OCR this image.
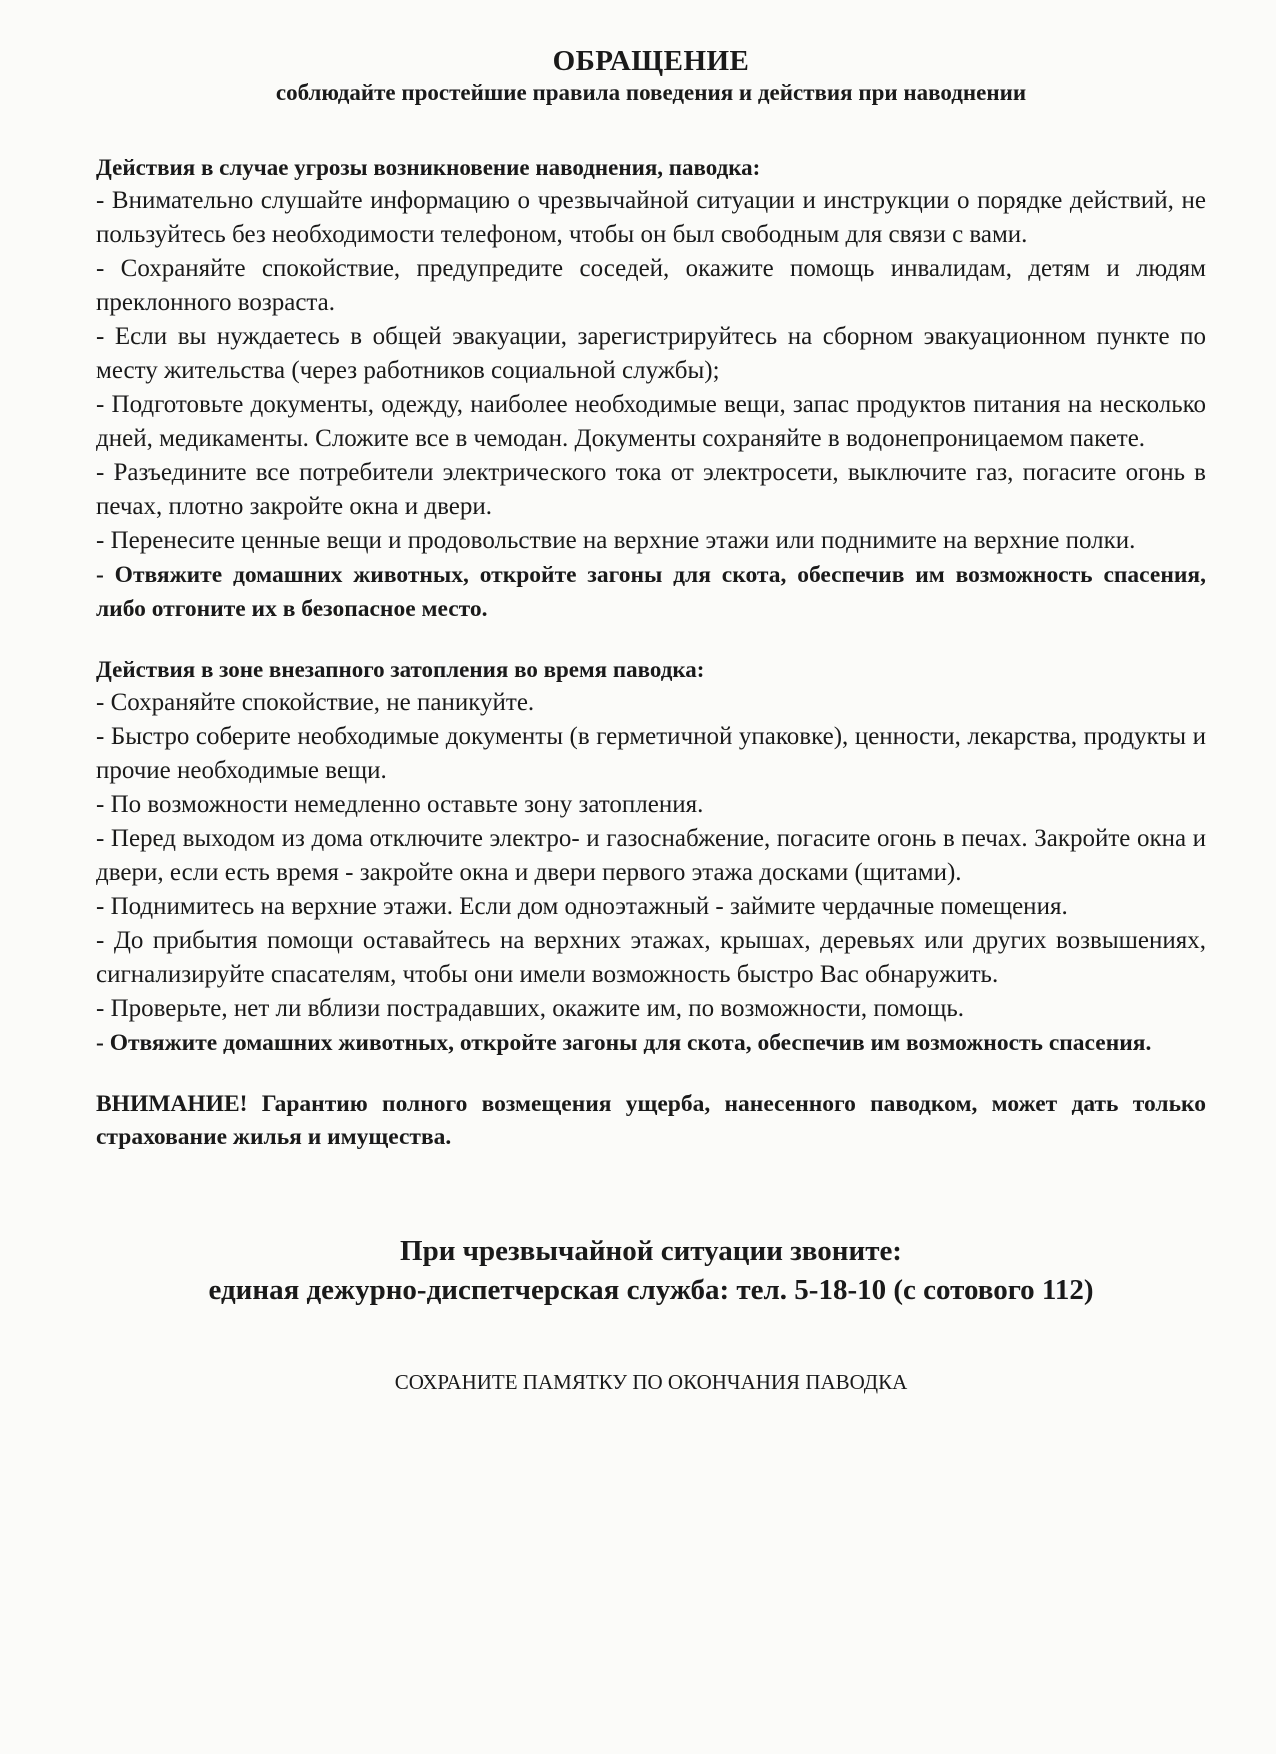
ОБРАЩЕНИЕ
соблюдайте простейшие правила поведения и действия при наводнении

Действия в случае угрозы возникновение наводнения, паводка:

- Внимательно слушайте информацию о чрезвычайной ситуации и инструкции о порядке действий, не пользуйтесь без необходимости телефоном, чтобы он был свободным для связи с вами.

- Сохраняйте спокойствие, предупредите соседей, окажите помощь инвалидам, детям и людям преклонного возраста.

- Если вы нуждаетесь в общей эвакуации, зарегистрируйтесь на сборном эвакуационном пункте по месту жительства (через работников социальной службы);

- Подготовьте документы, одежду, наиболее необходимые вещи, запас продуктов питания на несколько дней, медикаменты. Сложите все в чемодан. Документы сохраняйте в водонепроницаемом пакете.

- Разъедините все потребители электрического тока от электросети, выключите газ, погасите огонь в печах, плотно закройте окна и двери.

- Перенесите ценные вещи и продовольствие на верхние этажи или поднимите на верхние полки.

- Отвяжите домашних животных, откройте загоны для скота, обеспечив им возможность спасения, либо отгоните их в безопасное место.

Действия в зоне внезапного затопления во время паводка:

- Сохраняйте спокойствие, не паникуйте.

- Быстро соберите необходимые документы (в герметичной упаковке), ценности, лекарства, продукты и прочие необходимые вещи.

- По возможности немедленно оставьте зону затопления.

- Перед выходом из дома отключите электро- и газоснабжение, погасите огонь в печах. Закройте окна и двери, если есть время - закройте окна и двери первого этажа досками (щитами).

- Поднимитесь на верхние этажи. Если дом одноэтажный - займите чердачные помещения.

- До прибытия помощи оставайтесь на верхних этажах, крышах, деревьях или других возвышениях, сигнализируйте спасателям, чтобы они имели возможность быстро Вас обнаружить.

- Проверьте, нет ли вблизи пострадавших, окажите им, по возможности, помощь.

- Отвяжите домашних животных, откройте загоны для скота, обеспечив им возможность спасения.

ВНИМАНИЕ! Гарантию полного возмещения ущерба, нанесенного паводком, может дать только страхование жилья и имущества.

При чрезвычайной ситуации звоните:

единая дежурно-диспетчерская служба: тел. 5-18-10 (с сотового 112)

СОХРАНИТЕ ПАМЯТКУ ПО ОКОНЧАНИЯ ПАВОДКА
